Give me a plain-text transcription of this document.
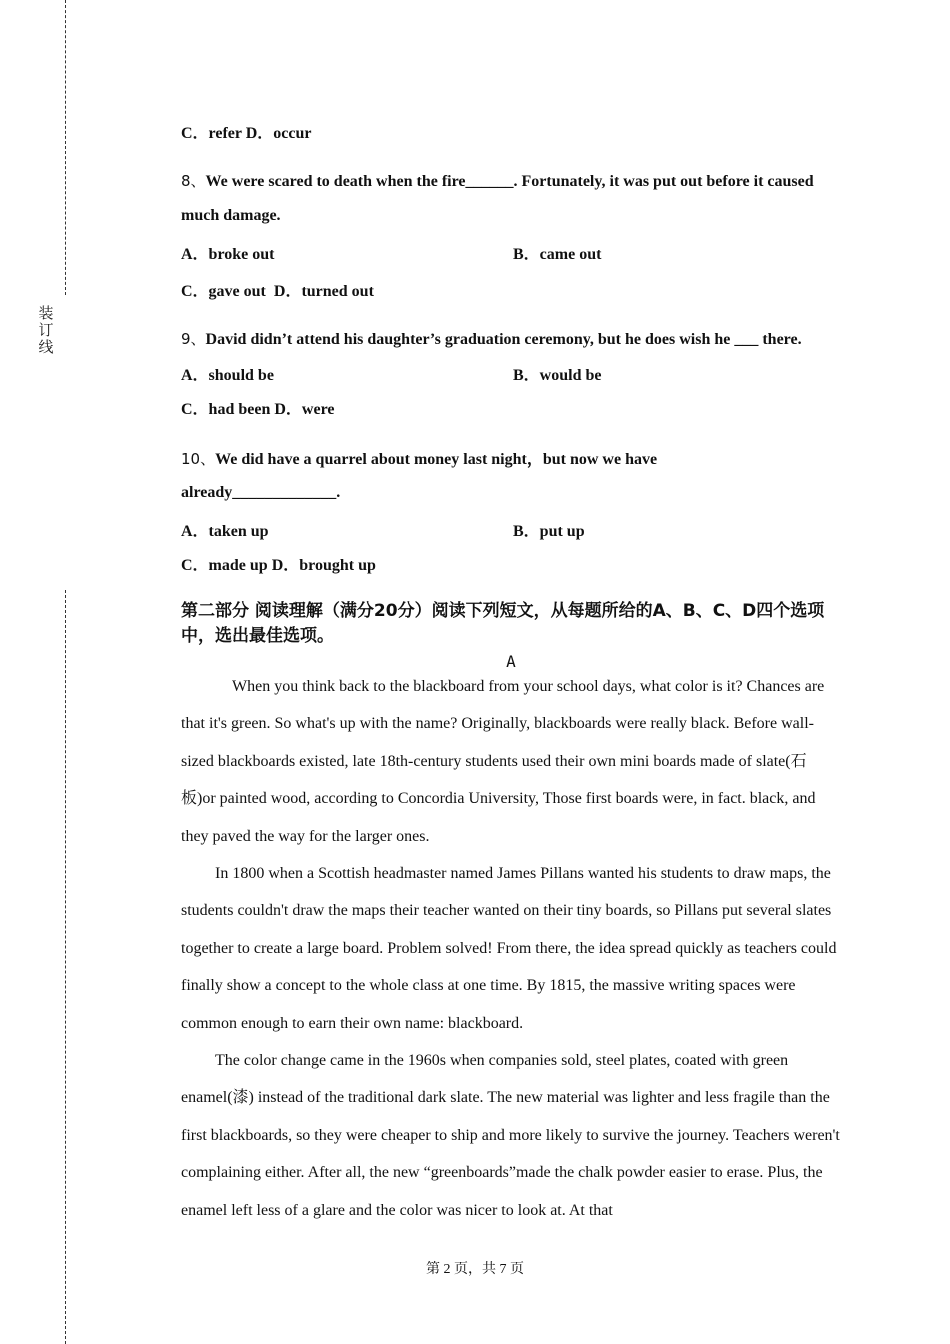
装订线
C．refer D．occur
8、We were scared to death when the fire______. Fortunately, it was put out before it caused
much damage.
A．broke out	B．came out
C．gave out D．turned out
9、David didn’t attend his daughter’s graduation ceremony, but he does wish he ___ there.
A．should be	B．would be
C．had been D．were
10、We did have a quarrel about money last night，but now we have
already_____________.
A．taken up	B．put up
C．made up D．brought up
第二部分 阅读理解（满分20分）阅读下列短文，从每题所给的A、B、C、D四个选项中，选出最佳选项。
A

When you think back to the blackboard from your school days, what color is it? Chances are that it's green. So what's up with the name? Originally, blackboards were really black. Before wall-sized blackboards existed, late 18th-century students used their own mini boards made of slate(石板)or painted wood, according to Concordia University, Those first boards were, in fact. black, and they paved the way for the larger ones.

In 1800 when a Scottish headmaster named James Pillans wanted his students to draw maps, the students couldn't draw the maps their teacher wanted on their tiny boards, so Pillans put several slates together to create a large board. Problem solved! From there, the idea spread quickly as teachers could finally show a concept to the whole class at one time. By 1815, the massive writing spaces were common enough to earn their own name: blackboard.

The color change came in the 1960s when companies sold, steel plates, coated with green enamel(漆) instead of the traditional dark slate. The new material was lighter and less fragile than the first blackboards, so they were cheaper to ship and more likely to survive the journey. Teachers weren't complaining either. After all, the new “greenboards”made the chalk powder easier to erase. Plus, the enamel left less of a glare and the color was nicer to look at. At that

第 2 页，共 7 页
